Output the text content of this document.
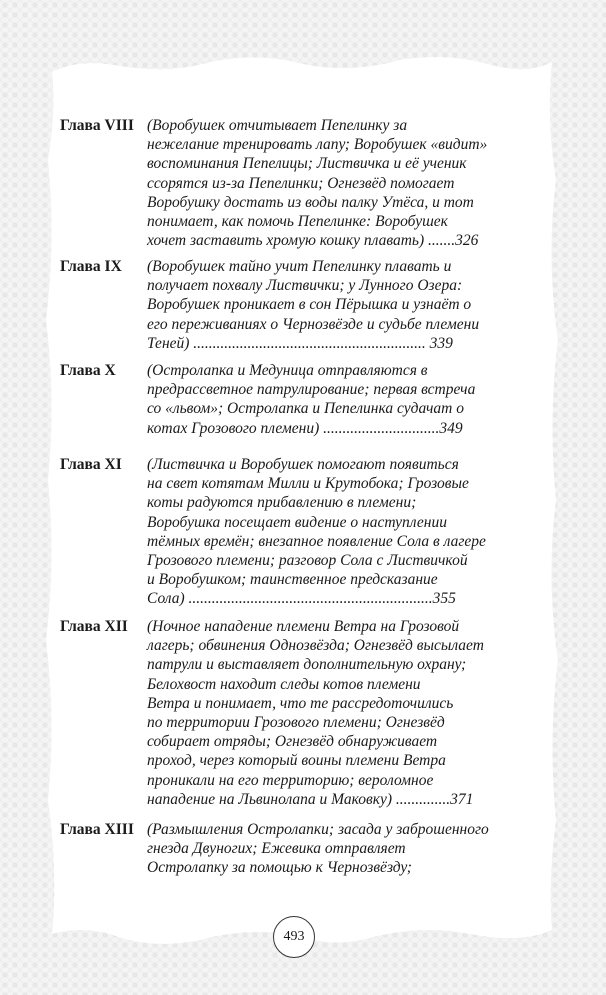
Глава VIII (Воробушек отчитывает Пепелинку за
нежелание тренировать лапу; Воробушек «видит»
воспоминания Пепелицы; Листвичка и её ученик
ссорятся из-за Пепелинки; Огнезвёд помогает
Воробушку достать из воды палку Утёса, и тот
понимает, как помочь Пепелинке: Воробушек
хочет заставить хромую кошку плавать) .......326
Глава IX (Воробушек тайно учит Пепелинку плавать и
получает похвалу Листвички; у Лунного Озера:
Воробушек проникает в сон Пёрышка и узнаёт о
его переживаниях о Чернозвёзде и судьбе племени
Теней) ............................................................ 339
Глава X (Остролапка и Медуница отправляются в
предрассветное патрулирование; первая встреча
со «львом»; Остролапка и Пепелинка судачат о
котах Грозового племени) ..............................349
Глава XI (Листвичка и Воробушек помогают появиться
на свет котятам Милли и Крутобока; Грозовые
коты радуются прибавлению в племени;
Воробушка посещает видение о наступлении
тёмных времён; внезапное появление Сола в лагере
Грозового племени; разговор Сола с Листвичкой
и Воробушком; таинственное предсказание
Сола) ...............................................................355
Глава XII (Ночное нападение племени Ветра на Грозовой
лагерь; обвинения Однозвёзда; Огнезвёд высылает
патрули и выставляет дополнительную охрану;
Белохвост находит следы котов племени
Ветра и понимает, что те рассредоточились
по территории Грозового племени; Огнезвёд
собирает отряды; Огнезвёд обнаруживает
проход, через который воины племени Ветра
проникали на его территорию; вероломное
нападение на Львинолапа и Маковку) ..............371
Глава XIII (Размышления Остролапки; засада у заброшенного
гнезда Двуногих; Ежевика отправляет
Остролапку за помощью к Чернозвёзду;
493
